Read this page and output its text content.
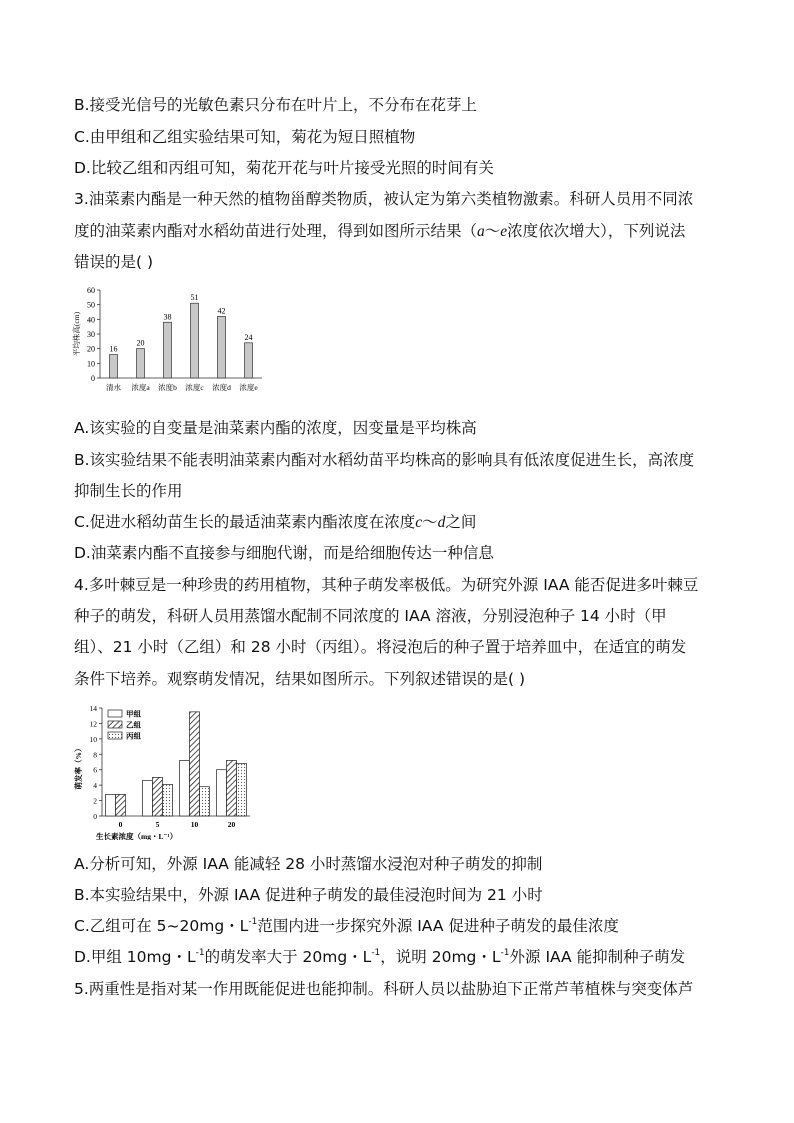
B.接受光信号的光敏色素只分布在叶片上，不分布在花芽上
C.由甲组和乙组实验结果可知，菊花为短日照植物
D.比较乙组和丙组可知，菊花开花与叶片接受光照的时间有关
3.油菜素内酯是一种天然的植物甾醇类物质，被认定为第六类植物激素。科研人员用不同浓
度的油菜素内酯对水稻幼苗进行处理，得到如图所示结果（a～e浓度依次增大），下列说法
错误的是( )
0
10
20
30
40
50
60
平均株高(cm)	16
清水
20
浓度a
38
浓度b
51
浓度c
42
浓度d
24
浓度e
A.该实验的自变量是油菜素内酯的浓度，因变量是平均株高
B.该实验结果不能表明油菜素内酯对水稻幼苗平均株高的影响具有低浓度促进生长，高浓度
抑制生长的作用
C.促进水稻幼苗生长的最适油菜素内酯浓度在浓度c～d之间
D.油菜素内酯不直接参与细胞代谢，而是给细胞传达一种信息
4.多叶棘豆是一种珍贵的药用植物，其种子萌发率极低。为研究外源 IAA 能否促进多叶棘豆
种子的萌发，科研人员用蒸馏水配制不同浓度的 IAA 溶液，分别浸泡种子 14 小时（甲
组）、21 小时（乙组）和 28 小时（丙组）。将浸泡后的种子置于培养皿中，在适宜的萌发
条件下培养。观察萌发情况，结果如图所示。下列叙述错误的是( )
0
2
4
6
8
10
12
14
萌发率（%）
0	5	10	20
生长素浓度（mg・L⁻¹）
甲组
乙组
丙组
A.分析可知，外源 IAA 能减轻 28 小时蒸馏水浸泡对种子萌发的抑制
B.本实验结果中，外源 IAA 促进种子萌发的最佳浸泡时间为 21 小时
C.乙组可在 5~20mg・$L^{-1}$范围内进一步探究外源 IAA 促进种子萌发的最佳浓度
D.甲组 10mg・$L^{-1}$的萌发率大于 20mg・$L^{-1}$，说明 20mg・$L^{-1}$外源 IAA 能抑制种子萌发
5.两重性是指对某一作用既能促进也能抑制。科研人员以盐胁迫下正常芦苇植株与突变体芦
